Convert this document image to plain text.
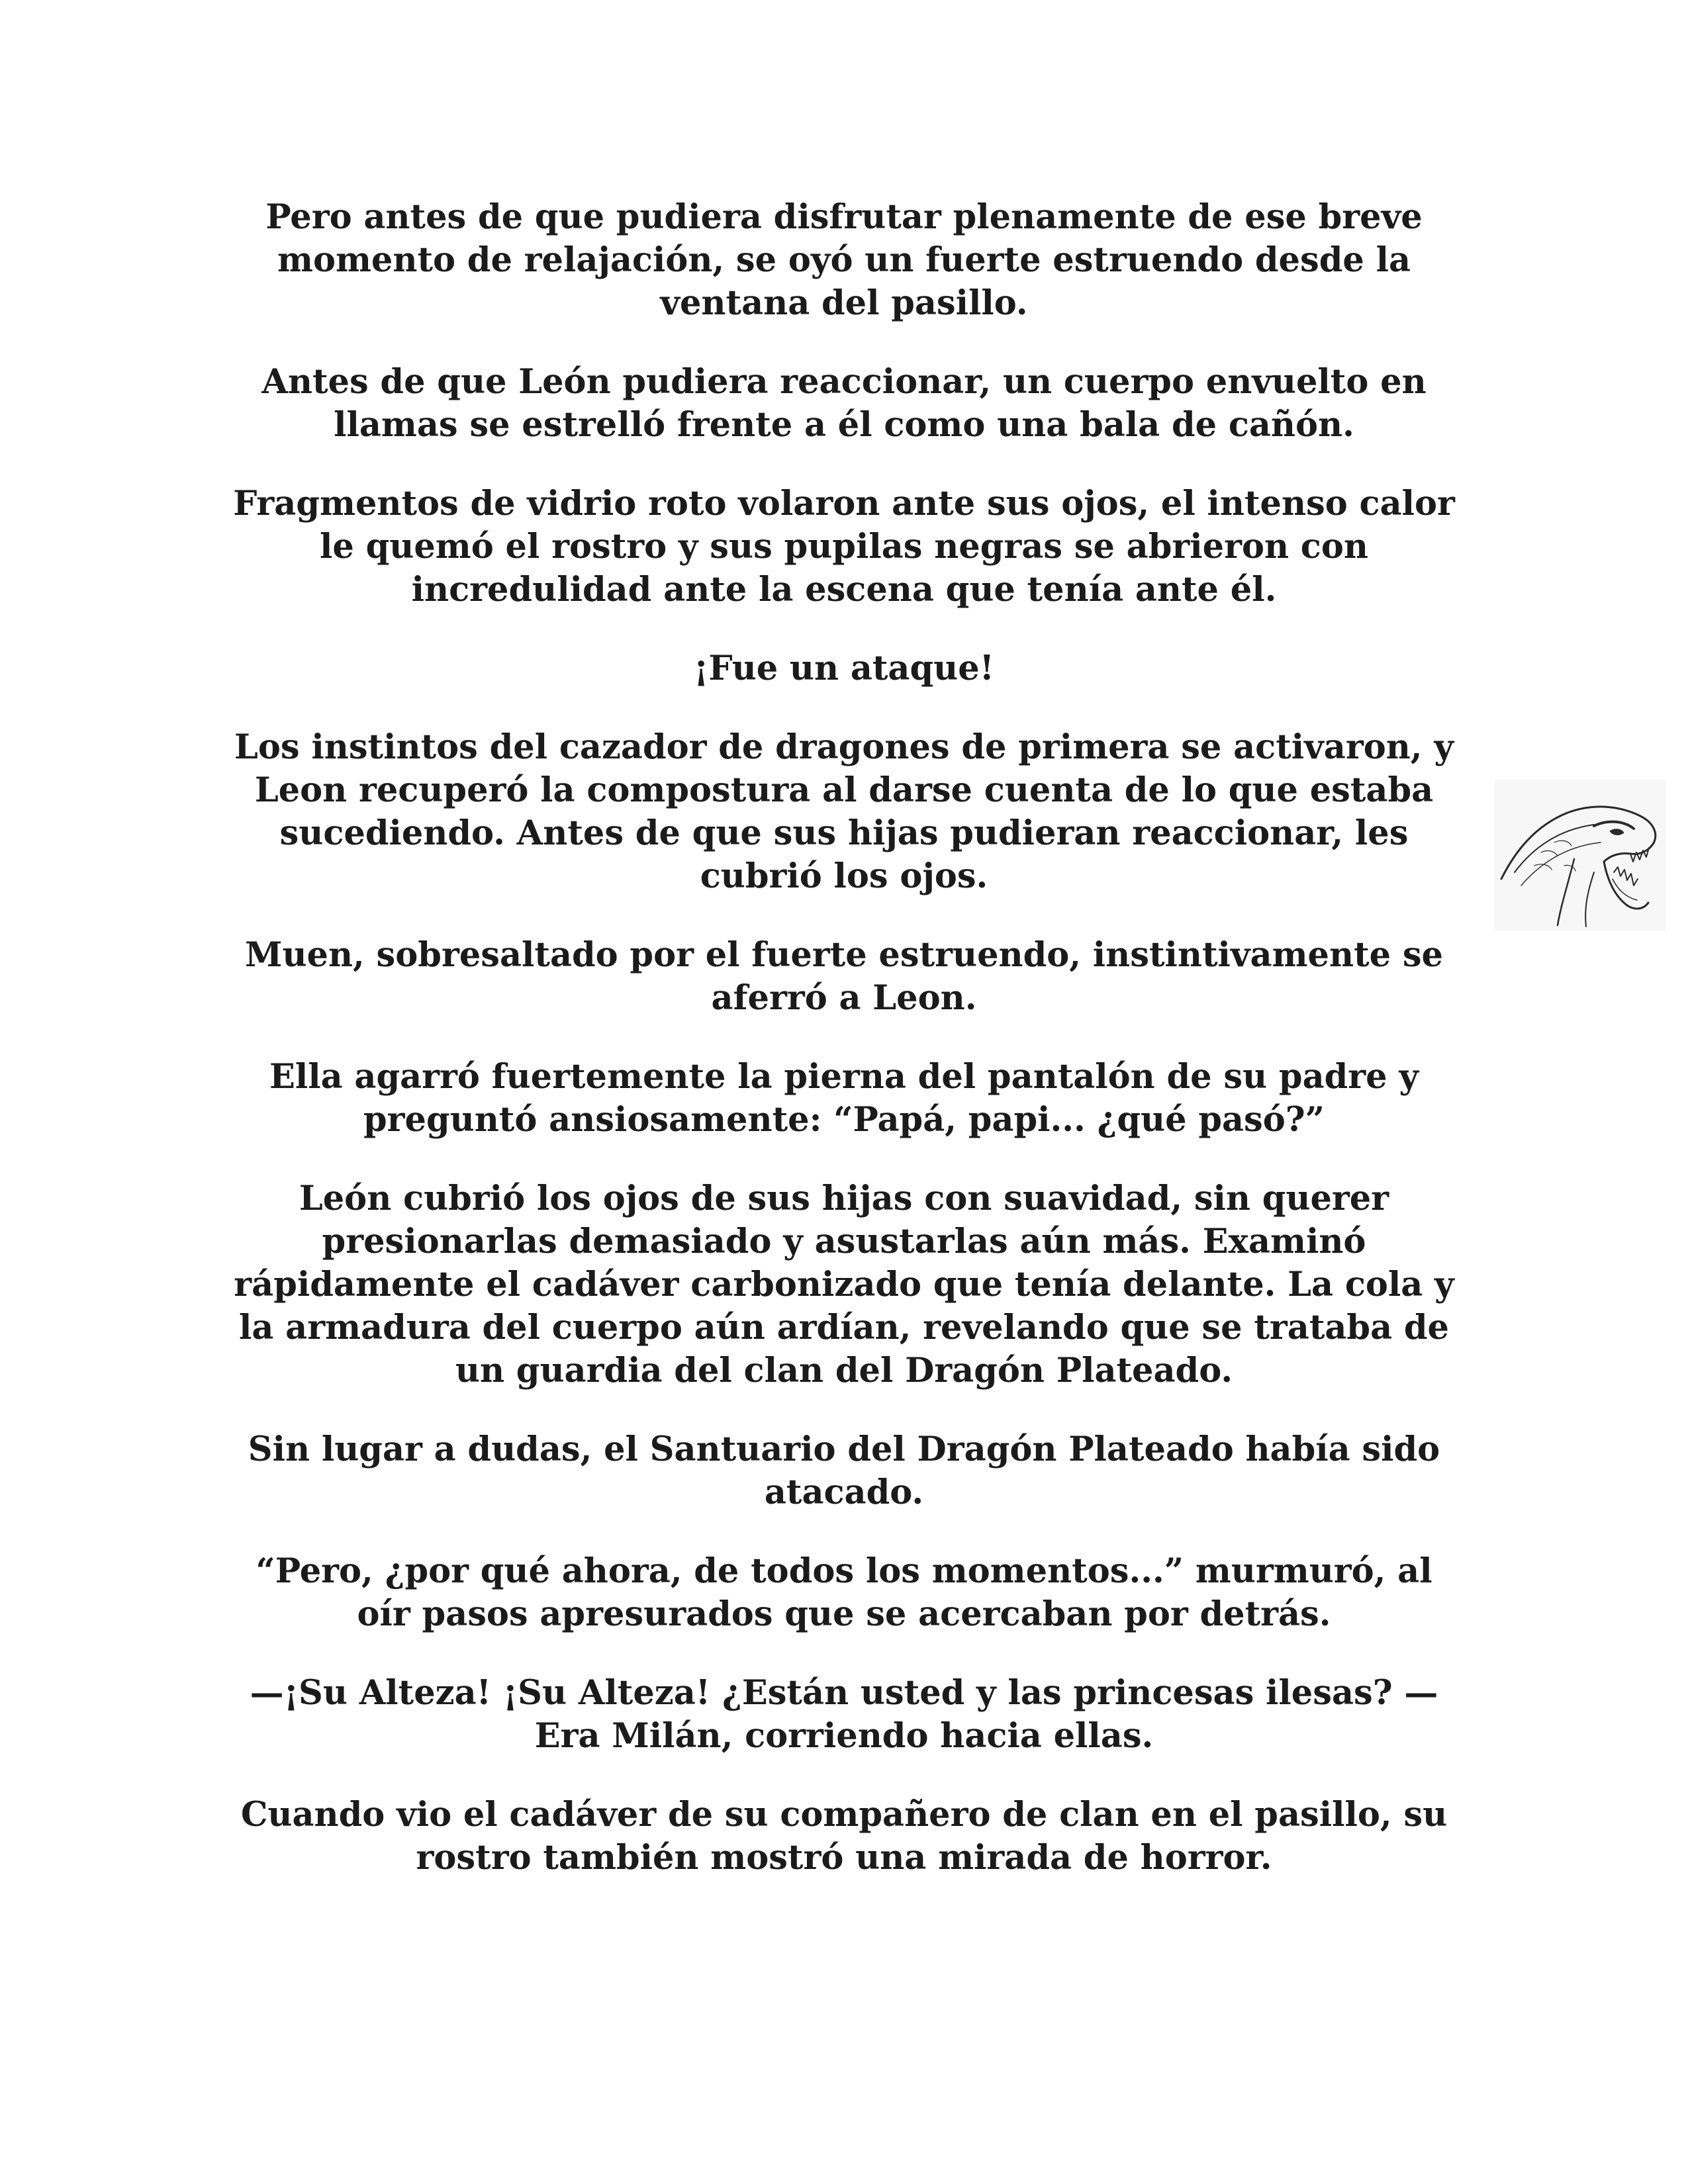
Pero antes de que pudiera disfrutar plenamente de ese breve momento de relajación, se oyó un fuerte estruendo desde la ventana del pasillo.

Antes de que León pudiera reaccionar, un cuerpo envuelto en llamas se estrelló frente a él como una bala de cañón.

Fragmentos de vidrio roto volaron ante sus ojos, el intenso calor le quemó el rostro y sus pupilas negras se abrieron con incredulidad ante la escena que tenía ante él.

¡Fue un ataque!

Los instintos del cazador de dragones de primera se activaron, y Leon recuperó la compostura al darse cuenta de lo que estaba sucediendo. Antes de que sus hijas pudieran reaccionar, les cubrió los ojos.

Muen, sobresaltado por el fuerte estruendo, instintivamente se aferró a Leon.

Ella agarró fuertemente la pierna del pantalón de su padre y preguntó ansiosamente: “Papá, papi... ¿qué pasó?”

León cubrió los ojos de sus hijas con suavidad, sin querer presionarlas demasiado y asustarlas aún más. Examinó rápidamente el cadáver carbonizado que tenía delante. La cola y la armadura del cuerpo aún ardían, revelando que se trataba de un guardia del clan del Dragón Plateado.

Sin lugar a dudas, el Santuario del Dragón Plateado había sido atacado.

“Pero, ¿por qué ahora, de todos los momentos...” murmuró, al oír pasos apresurados que se acercaban por detrás.

—¡Su Alteza! ¡Su Alteza! ¿Están usted y las princesas ilesas? —Era Milán, corriendo hacia ellas.

Cuando vio el cadáver de su compañero de clan en el pasillo, su rostro también mostró una mirada de horror.
